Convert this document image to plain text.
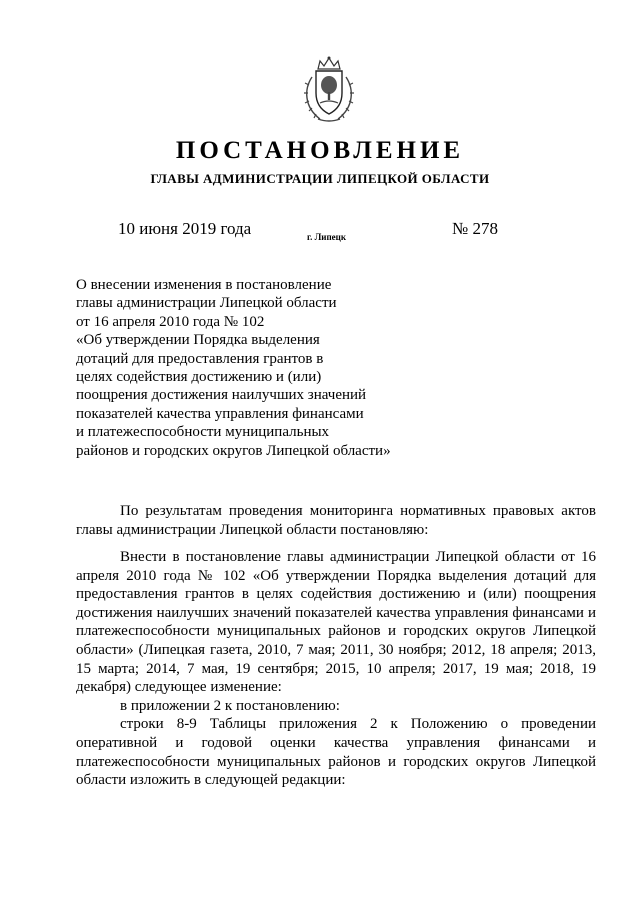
ПОСТАНОВЛЕНИЕ
ГЛАВЫ АДМИНИСТРАЦИИ ЛИПЕЦКОЙ ОБЛАСТИ
10 июня 2019 года	г. Липецк	№ 278
О внесении изменения в постановление
главы администрации Липецкой области
от 16 апреля 2010 года № 102
«Об утверждении Порядка выделения
дотаций для предоставления грантов в
целях содействия достижению и (или)
поощрения достижения наилучших значений
показателей качества управления финансами
и платежеспособности муниципальных
районов и городских округов Липецкой области»

По результатам проведения мониторинга нормативных правовых актов главы администрации Липецкой области постановляю:

Внести в постановление главы администрации Липецкой области от 16 апреля 2010 года № 102 «Об утверждении Порядка выделения дотаций для предоставления грантов в целях содействия достижению и (или) поощрения достижения наилучших значений показателей качества управления финансами и платежеспособности муниципальных районов и городских округов Липецкой области» (Липецкая газета, 2010, 7 мая; 2011, 30 ноября; 2012, 18 апреля; 2013, 15 марта; 2014, 7 мая, 19 сентября; 2015, 10 апреля; 2017, 19 мая; 2018, 19 декабря) следующее изменение:

в приложении 2 к постановлению:

строки 8-9 Таблицы приложения 2 к Положению о проведении оперативной и годовой оценки качества управления финансами и платежеспособности муниципальных районов и городских округов Липецкой области изложить в следующей редакции:
